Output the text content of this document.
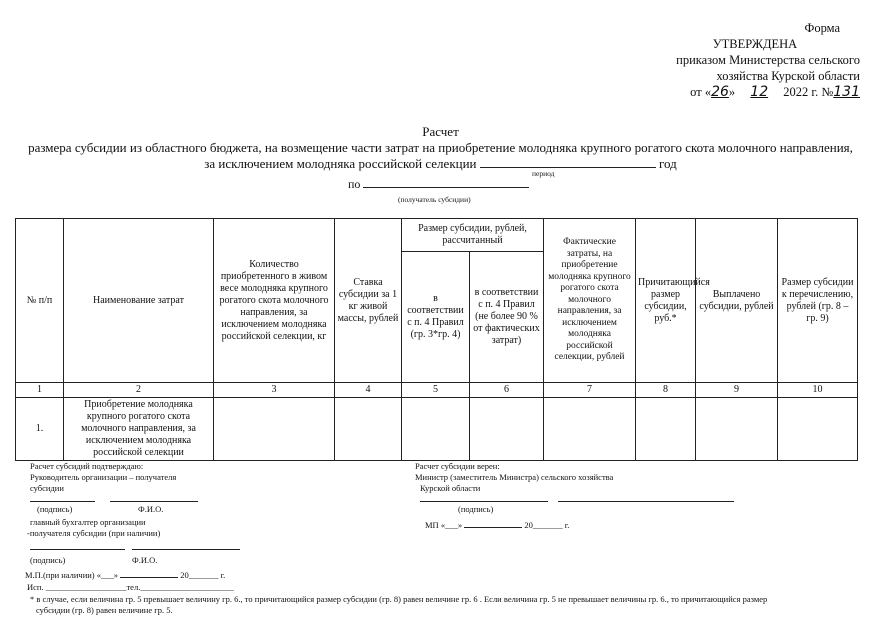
Форма
УТВЕРЖДЕНА
приказом Министерства сельского
хозяйства Курской области
от «26» 12 2022 г. №131
Расчет
размера субсидии из областного бюджета, на возмещение части затрат на приобретение молодняка крупного рогатого скота молочного направления,
за исключением молодняка российской селекции	год
период
по
(получатель субсидии)
№ п/п	Наименование затрат	Количество приобретенного в живом весе молодняка крупного рогатого скота молочного направления, за исключением молодняка российской селекции, кг	Ставка субсидии за 1 кг живой массы, рублей	Размер субсидии, рублей, рассчитанный		Фактические затраты, на приобретение молодняка крупного рогатого скота молочного направления, за исключением молодняка российской селекции, рублей	Причитающийся размер субсидии, руб.*	Выплачено субсидии, рублей	Размер субсидии к перечислению, рублей (гр. 8 – гр. 9)
				в соответствии с п. 4 Правил (гр. 3*гр. 4)	в соответствии с п. 4 Правил (не более 90 % от фактических затрат)				
1	2	3	4	5	6	7	8	9	10
1.	Приобретение молодняка крупного рогатого скота молочного направления, за исключением молодняка российской селекции								
Расчет субсидий подтверждаю:
Руководитель организации – получателя
субсидии
(подпись)	Ф.И.О.
главный бухгалтер организации
-получателя субсидии (при наличии)
(подпись)	Ф.И.О.
М.П.(при наличии) «___»	20_______ г.
Исп. ___________________тел.______________________
Расчет субсидии верен:
Министр (заместитель Министра) сельского хозяйства
Курской области
(подпись)
МП «___»	20_______ г.
* в случае, если величина гр. 5 превышает величину гр. 6., то причитающийся размер субсидии (гр. 8) равен величине гр. 6 . Если величина гр. 5 не превышает величины гр. 6., то причитающийся размер
субсидии (гр. 8) равен величине гр. 5.
